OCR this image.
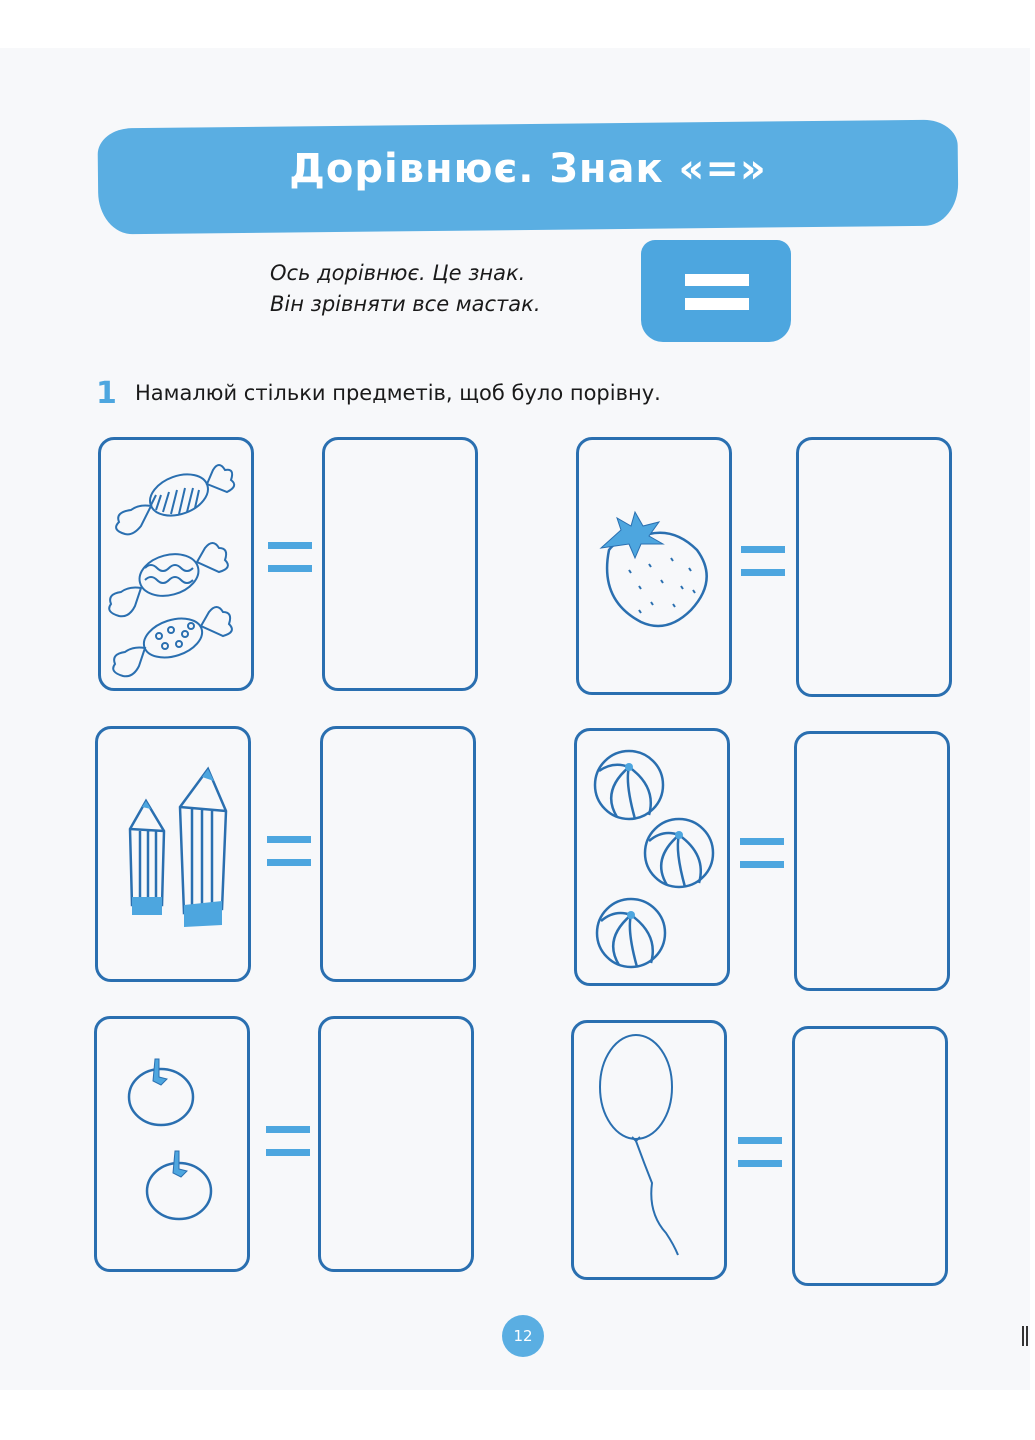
Дорівнює. Знак «=»
Ось дорівнює. Це знак.
Він зрівняти все мастак.
1 Намалюй стільки предметів, щоб було порівну.
12
